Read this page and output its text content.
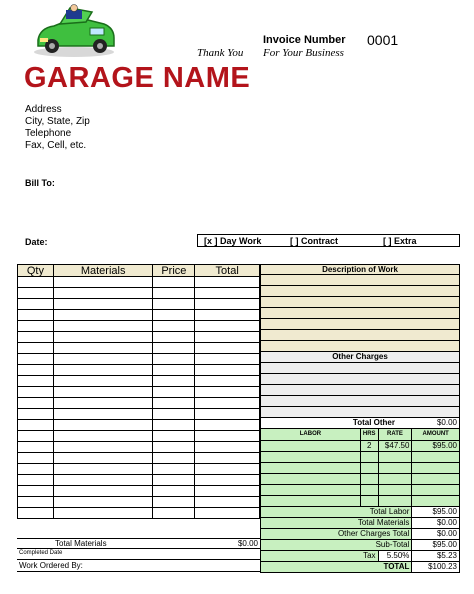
GARAGE NAME
Thank You For Your Business
Invoice Number 0001
Address
City, State, Zip
Telephone
Fax, Cell, etc.
Bill To:
Date:	[x ] Day Work	[ ] Contract	[ ] Extra
Qty	Materials	Price	Total

Total Materials	$0.00
Completed Date
Work Ordered By:
Description of Work
Other Charges
Total Other	$0.00
LABOR	HRS	RATE	AMOUNT
	2	$47.50	$95.00

Total Labor			$95.00
Total Materials			$0.00
Other Charges Total			$0.00
Sub-Total			$95.00
Tax		5.50%	$5.23
TOTAL			$100.23
